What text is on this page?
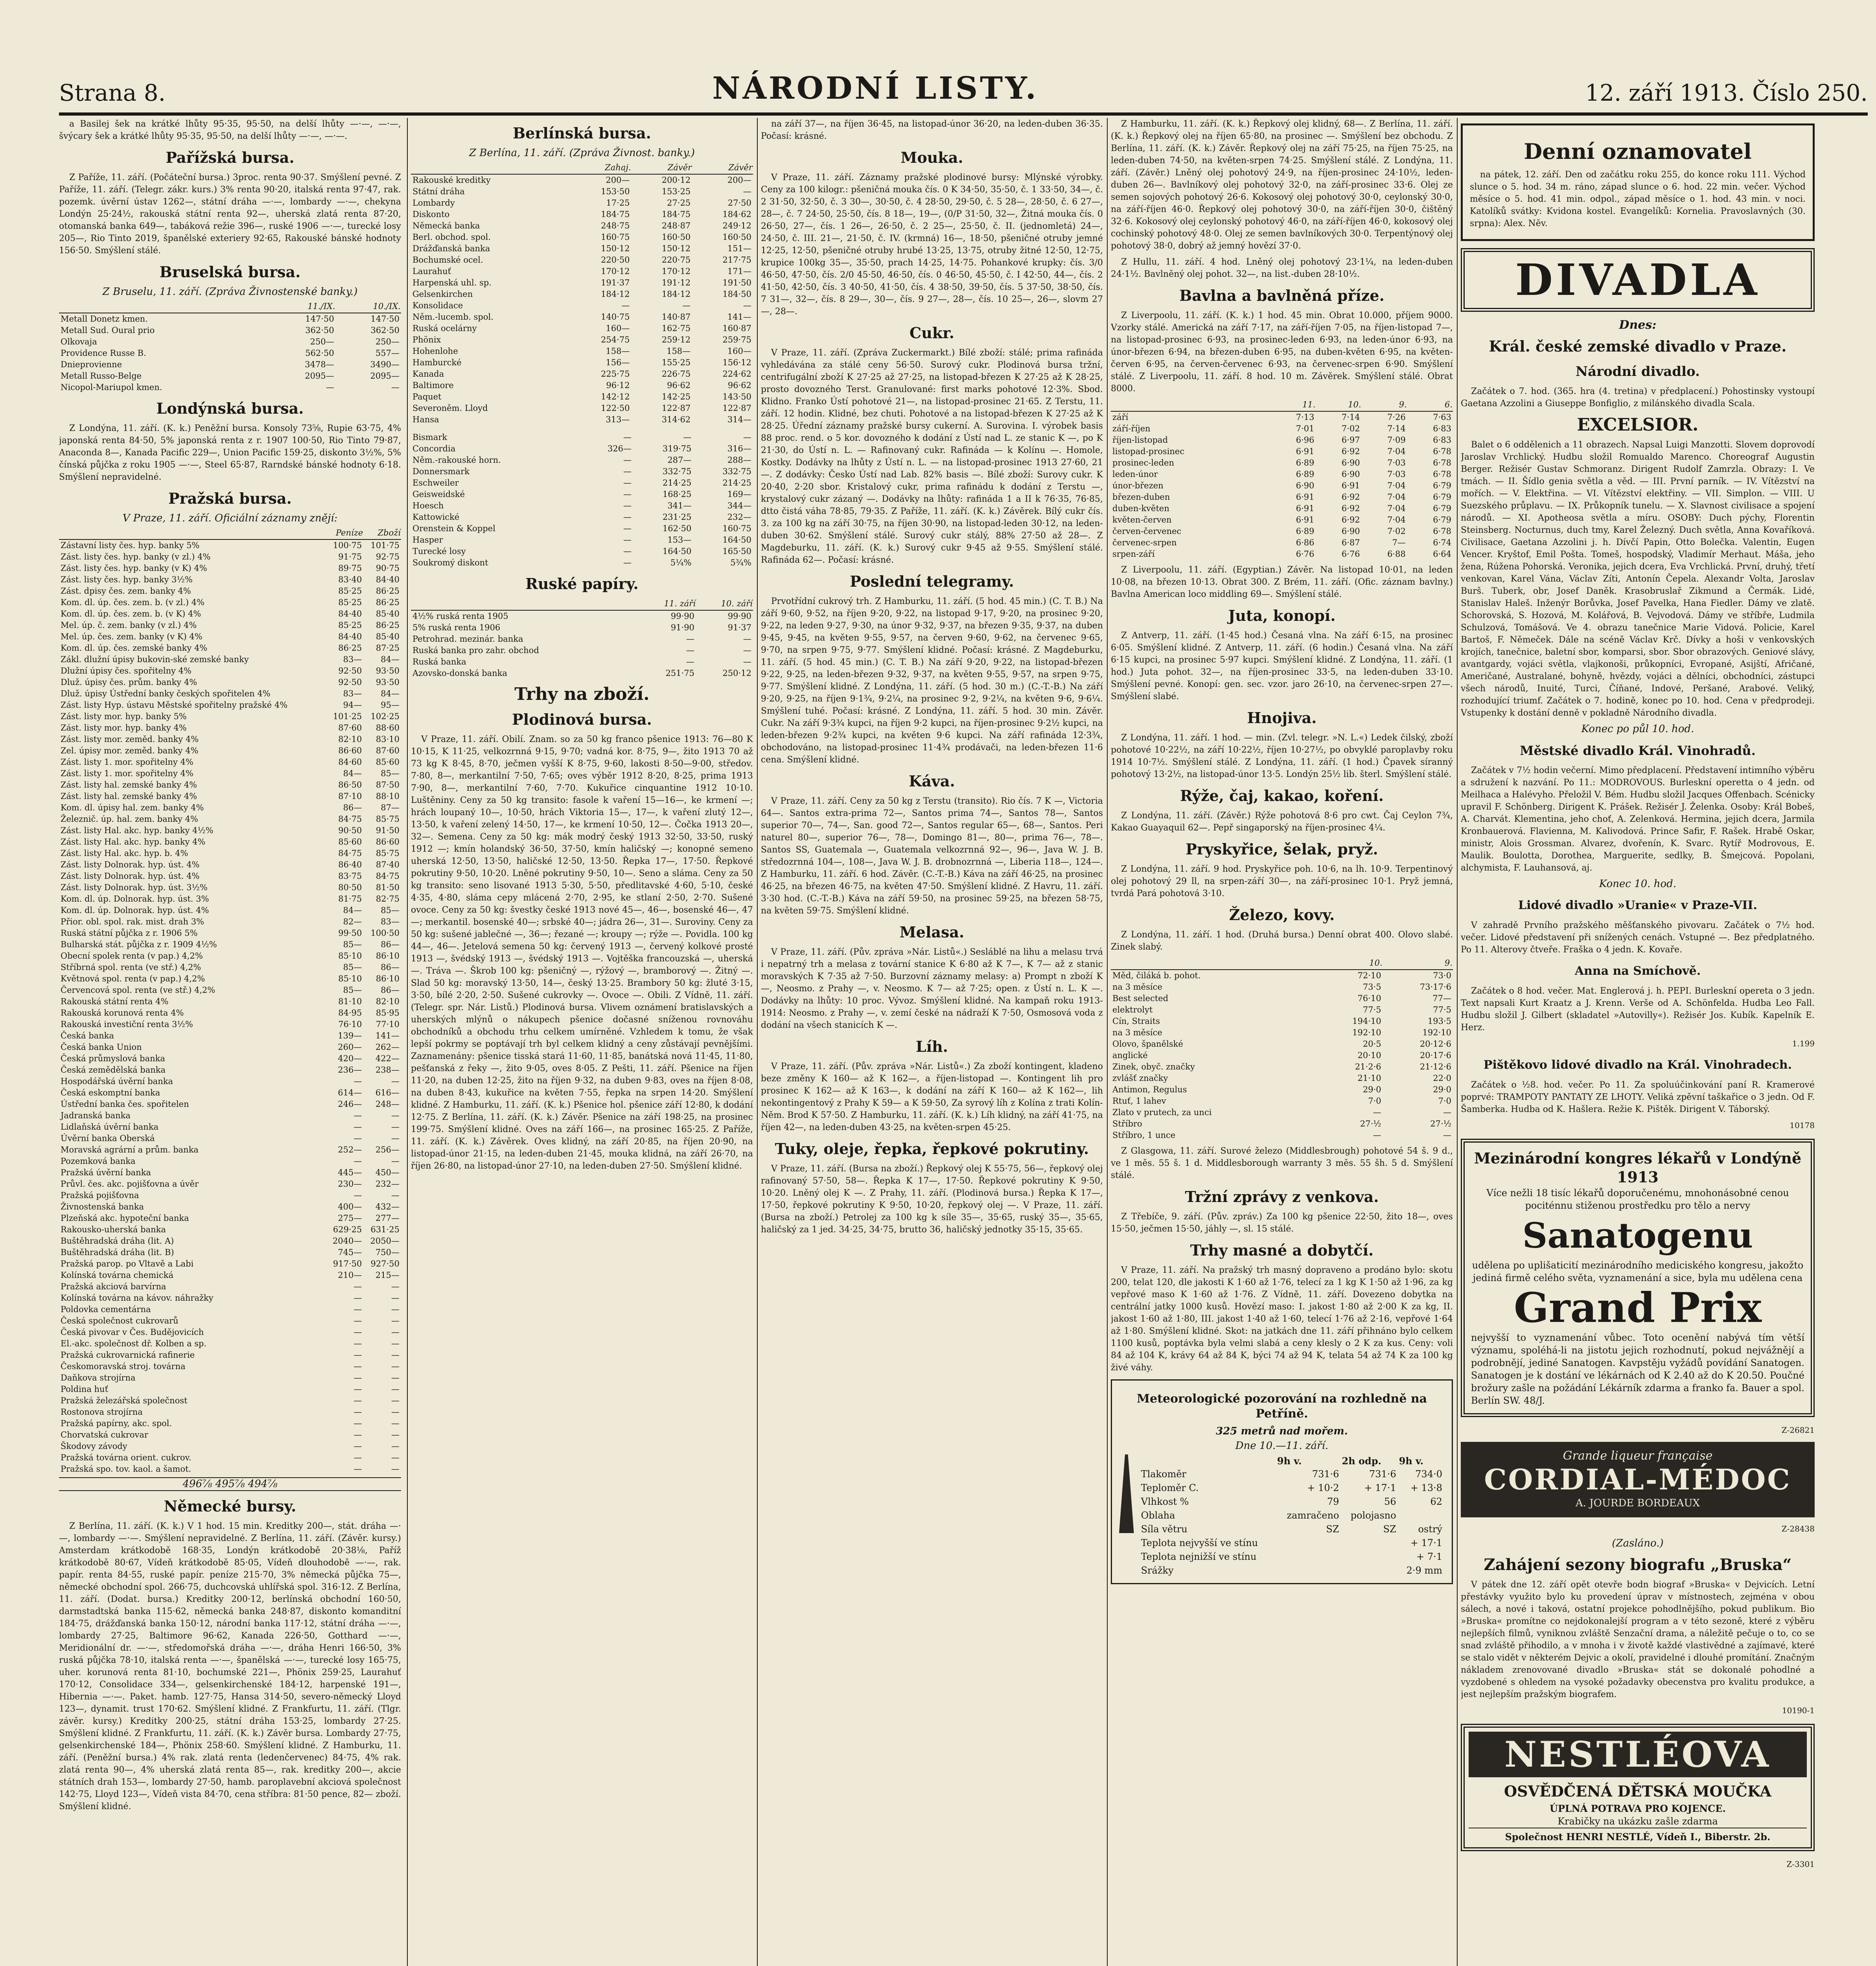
Strana 8.	NÁRODNÍ LISTY.	12. září 1913. Číslo 250.

a Basilej šek na krátké lhůty 95·35, 95·50, na delší lhůty —·—, —·—, švýcary šek a krátké lhůty 95·35, 95·50, na delší lhůty —·—, —·—.

Pařížská bursa.

Z Paříže, 11. září. (Počáteční bursa.) 3proc. renta 90·37. Smýšlení pevné. Z Paříže, 11. září. (Telegr. zákr. kurs.) 3% renta 90·20, italská renta 97·47, rak. pozemk. úvěrní ústav 1262—, státní dráha —·—, lombardy —·—, chekyna Londýn 25·24½, rakouská státní renta 92—, uherská zlatá renta 87·20, otomanská banka 649—, tabáková režie 396—, ruské 1906 —·—, turecké losy 205—, Rio Tinto 2019, španělské exteriery 92·65, Rakouské bánské hodnoty 156·50. Smýšlení stálé.

Bruselská bursa.
Z Bruselu, 11. září. (Zpráva Živnostenské banky.)
	11./IX.	10./IX.
Metall Donetz kmen.	147·50	147·50
Metall Sud. Oural prio	362·50	362·50
Olkovaja	250—	250—
Providence Russe B.	562·50	557—
Dnieprovienne	3478—	3490—
Metall Russo-Belge	2095—	2095—
Nicopol-Mariupol kmen.	—	—
Londýnská bursa.

Z Londýna, 11. září. (K. k.) Peněžní bursa. Konsoly 73⅝, Rupie 63·75, 4% japonská renta 84·50, 5% japonská renta z r. 1907 100·50, Rio Tinto 79·87, Anaconda 8—, Kanada Pacific 229—, Union Pacific 159·25, diskonto 3½%, 5% čínská půjčka z roku 1905 —·—, Steel 65·87, Rarndské bánské hodnoty 6·18. Smýšlení nepravidelné.

Pražská bursa.
V Praze, 11. září. Oficiální záznamy znějí:
	Peníze	Zboží
Zástavní listy čes. hyp. banky 5%	100·75	101·75
Zást. listy čes. hyp. banky (v zl.) 4%	91·75	92·75
Zást. listy čes. hyp. banky (v K) 4%	89·75	90·75
Zást. listy čes. hyp. banky 3½%	83·40	84·40
Zást. dpisy čes. zem. banky 4%	85·25	86·25
Kom. dl. úp. čes. zem. b. (v zl.) 4%	85·25	86·25
Kom. dl. úp. čes. zem. b. (v K) 4%	84·40	85·40
Mel. úp. č. zem. banky (v zl.) 4%	85·25	86·25
Mel. úp. čes. zem. banky (v K) 4%	84·40	85·40
Kom. dl. úp. čes. zemské banky 4%	86·25	87·25
Zákl. dlužní úpisy bukovin-ské zemské banky	83—	84—
Dlužní úpisy čes. spořitelny 4%	92·50	93·50
Dluž. úpisy čes. prům. banky 4%	92·50	93·50
Dluž. úpisy Ústřední banky českých spořitelen 4%	83—	84—
Zást. listy Hyp. ústavu Městské spořitelny pražské 4%	94—	95—
Zást. listy mor. hyp. banky 5%	101·25	102·25
Zást. listy mor. hyp. banky 4%	87·60	88·60
Zást. listy mor. zeměd. banky 4%	82·10	83·10
Zel. úpisy mor. zeměd. banky 4%	86·60	87·60
Zást. listy 1. mor. spořitelny 4%	84·60	85·60
Zást. listy 1. mor. spořitelny 4%	84—	85—
Zást. listy hal. zemské banky 4%	86·50	87·50
Zást. listy hal. zemské banky 4%	87·10	88·10
Kom. dl. úpisy hal. zem. banky 4%	86—	87—
Železnič. úp. hal. zem. banky 4%	84·75	85·75
Zást. listy Hal. akc. hyp. banky 4½%	90·50	91·50
Zást. listy Hal. akc. hyp. banky 4%	85·60	86·60
Zást. listy Hal. akc. hyp. b. 4%	84·75	85·75
Zást. listy Dolnorak. hyp. úst. 4%	86·40	87·40
Zást. listy Dolnorak. hyp. úst. 4%	83·75	84·75
Zást. listy Dolnorak. hyp. úst. 3½%	80·50	81·50
Kom. dl. úp. Dolnorak. hyp. úst. 3%	81·75	82·75
Kom. dl. úp. Dolnorak. hyp. úst. 4%	84—	85—
Přior. obl. spol. rak. mist. drah 3%	82—	83—
Ruská státní půjčka z r. 1906 5%	99·50	100·50
Bulharská stát. půjčka z r. 1909 4½%	85—	86—
Obecní spolek renta (v pap.) 4,2%	85·10	86·10
Stříbrná spol. renta (ve stř.) 4,2%	85—	86—
Květnová spol. renta (v pap.) 4,2%	85·10	86·10
Červencová spol. renta (ve stř.) 4,2%	85—	86—
Rakouská státní renta 4%	81·10	82·10
Rakouská korunová renta 4%	84·95	85·95
Rakouská investiční renta 3½%	76·10	77·10
Česká banka	139—	141—
Česká banka Union	260—	262—
Česká průmyslová banka	420—	422—
Česká zemědělská banka	236—	238—
Hospodářská úvěrní banka	—	—
Česká eskomptní banka	614—	616—
Ústřední banka čes. spořitelen	246—	248—
Jadranská banka	—	—
Lidlaňská úvěrní banka	—	—
Úvěrní banka Oberská	—	—
Moravská agrární a prům. banka	252—	256—
Pozemková banka	—	—
Pražská úvěrní banka	445—	450—
Průvl. čes. akc. pojišťovna a úvěr	230—	232—
Pražská pojišťovna	—	—
Živnostenská banka	400—	432—
Plzeňská akc. hypoteční banka	275—	277—
Rakousko-uherská banka	629·25	631·25
Buštěhradská dráha (lit. A)	2040—	2050—
Buštěhradská dráha (lit. B)	745—	750—
Pražská parop. po Vltavě a Labi	917·50	927·50
Kolínská továrna chemická	210—	215—
Pražská akciová barvírna	—	—
Kolínská továrna na kávov. náhražky	—	—
Poldovka cementárna	—	—
Česká společnost cukrovarů	—	—
Česká pivovar v Čes. Budějovicích	—	—
El.-akc. společnost dř. Kolben a sp.	—	—
Pražská cukrovarnická rafinerie	—	—
Českomoravská stroj. továrna	—	—
Daňkova strojírna	—	—
Poldina huť	—	—
Pražská železářská společnost	—	—
Rostonova strojírna	—	—
Pražská papírny, akc. spol.	—	—
Chorvatská cukrovar	—	—
Škodovy závody	—	—
Pražská továrna orient. cukrov.	—	—
Pražská spo. tov. kaol. a šamot.	—	—
496⅞ 495⅞ 494⅞
Německé bursy.

Z Berlína, 11. září. (K. k.) V 1 hod. 15 min. Kreditky 200—, stát. dráha —·—, lombardy —·—. Smýšlení nepravidelné. Z Berlína, 11. září. (Závěr. kursy.) Amsterdam krátkodobě 168·35, Londýn krátkodobě 20·38⅛, Paříž krátkodobě 80·67, Vídeň krátkodobě 85·05, Vídeň dlouhodobě —·—, rak. papír. renta 84·55, ruské papír. peníze 215·70, 3% německá půjčka 75—, německé obchodní spol. 266·75, duchcovská uhlířská spol. 316·12. Z Berlína, 11. září. (Dodat. bursa.) Kreditky 200·12, berlínská obchodní 160·50, darmstadtská banka 115·62, německá banka 248·87, diskonto komanditní 184·75, drážďanská banka 150·12, národní banka 117·12, státní dráha —·—, lombardy 27·25, Baltimore 96·62, Kanada 226·50, Gotthard —·—, Meridionální dr. —·—, středomořská dráha —·—, dráha Henri 166·50, 3% ruská půjčka 78·10, italská renta —·—, španělská —·—, turecké losy 165·75, uher. korunová renta 81·10, bochumské 221—, Phönix 259·25, Laurahuť 170·12, Consolidace 334—, gelsenkirchenské 184·12, harpenské 191—, Hibernia —·—. Paket. hamb. 127·75, Hansa 314·50, severo-německý Lloyd 123—, dynamit. trust 170·62. Smýšlení klidné. Z Frankfurtu, 11. září. (Tlgr. závěr. kursy.) Kreditky 200·25, státní dráha 153·25, lombardy 27·25. Smýšlení klidné. Z Frankfurtu, 11. září. (K. k.) Závěr bursa. Lombardy 27·75, gelsenkirchenské 184—, Phönix 258·60. Smýšlení klidné. Z Hamburku, 11. září. (Peněžní bursa.) 4% rak. zlatá renta (ledenčervenec) 84·75, 4% rak. zlatá renta 90—, 4% uherská zlatá renta 85—, rak. kreditky 200—, akcie státních drah 153—, lombardy 27·50, hamb. paroplavební akciová společnost 142·75, Lloyd 123—, Vídeň vista 84·70, cena stříbra: 81·50 pence, 82— zboží. Smýšlení klidné.

Berlínská bursa.
Z Berlína, 11. září. (Zpráva Živnost. banky.)
	Zahaj.	Závěr	Závěr
Rakouské kreditky	200—	200·12	200—
Státní dráha	153·50	153·25	—
Lombardy	17·25	27·25	27·50
Diskonto	184·75	184·75	184·62
Německá banka	248·75	248·87	249·12
Berl. obchod. spol.	160·75	160·50	160·50
Drážďanská banka	150·12	150·12	151—
Bochumské ocel.	220·50	220·75	217·75
Laurahuť	170·12	170·12	171—
Harpenská uhl. sp.	191·37	191·12	191·50
Gelsenkirchen	184·12	184·12	184·50
Konsolidace	—	—	—
Něm.-lucemb. spol.	140·75	140·87	141—
Ruská ocelárny	160—	162·75	160·87
Phönix	254·75	259·12	259·75
Hohenlohe	158—	158—	160—
Hamburcké	156—	155·25	156·12
Kanada	225·75	226·75	224·62
Baltimore	96·12	96·62	96·62
Paquet	142·12	142·25	143·50
Severoněm. Lloyd	122·50	122·87	122·87
Hansa	313—	314·62	314—
Bismark	—	—	—
Concordia	326—	319·75	316—
Něm.-rakouské horn.	—	287—	288—
Donnersmark	—	332·75	332·75
Eschweiler	—	214·25	214·25
Geisweidské	—	168·25	169—
Hoesch	—	341—	344—
Kattowické	—	231·25	232—
Orenstein & Koppel	—	162·50	160·75
Hasper	—	153—	164·50
Turecké losy	—	164·50	165·50
Soukromý diskont	—	5¼%	5¾%
Ruské papíry.
	11. září	10. září
4½% ruská renta 1905	99·90	99·90
5% ruská renta 1906	91·90	91·37
Petrohrad. mezinár. banka	—	—
Ruská banka pro zahr. obchod	—	—
Ruská banka	—	—
Azovsko-donská banka	251·75	250·12
Trhy na zboží.
Plodinová bursa.

V Praze, 11. září. Obilí. Znam. so za 50 kg franco pšenice 1913: 76—80 K 10·15, K 11·25, velkozrnná 9·15, 9·70; vadná kor. 8·75, 9—, žito 1913 70 až 73 kg K 8·45, 8·70, ječmen vyšší K 8·75, 9·60, lakosti 8·50—9·00, středov. 7·80, 8—, merkantilní 7·50, 7·65; oves výběr 1912 8·20, 8·25, prima 1913 7·90, 8—, merkantilní 7·60, 7·70. Kukuřice cinquantine 1912 10·10. Luštěniny. Ceny za 50 kg transito: fasole k vaření 15—16—, ke krmení —; hrách loupaný 10—, 10·50, hrách Viktoria 15—, 17—, k vaření zlutý 12—, 13·50, k vaření zelený 14·50, 17—, ke krmení 10·50, 12—. Čočka 1913 20—, 32—. Semena. Ceny za 50 kg: mák modrý český 1913 32·50, 33·50, ruský 1912 —; kmín holandský 36·50, 37·50, kmín haličský —; konopné semeno uherská 12·50, 13·50, haličské 12·50, 13·50. Řepka 17—, 17·50. Řepkové pokrutiny 9·50, 10·20. Lněné pokrutiny 9·50, 10—. Seno a sláma. Ceny za 50 kg transito: seno lisované 1913 5·30, 5·50, předlitavské 4·60, 5·10, české 4·35, 4·80, sláma cepy mlácená 2·70, 2·95, ke stlaní 2·50, 2·70. Sušené ovoce. Ceny za 50 kg: švestky české 1913 nové 45—, 46—, bosenské 46—, 47—; merkantil. bosenské 40—; srbské 40—; jádra 26—, 31—. Suroviny. Ceny za 50 kg: sušené jablečné —, 36—; řezané —; kroupy —; rýže —. Povidla. 100 kg 44—, 46—. Jetelová semena 50 kg: červený 1913 —, červený kolkové prosté 1913 —, švédský 1913 —, švédský 1913 —. Vojtěška francouzská —, uherská —. Tráva —. Škrob 100 kg: pšeničný —, rýžový —, bramborový —. Žitný —. Slad 50 kg: moravský 13·50, 14—, český 13·25. Brambory 50 kg: žluté 3·15, 3·50, bílé 2·20, 2·50. Sušené cukrovky —. Ovoce —. Obili. Z Vídně, 11. září. (Telegr. spr. Nár. Listů.) Plodinová bursa. Vlivem oznámení bratislavských a uherských mlýnů o nákupech pšenice dočasné sníženou rovnováhu obchodníků a obchodu trhu celkem umírněné. Vzhledem k tomu, že však lepší pokrmy se poptávají trh byl celkem klidný a ceny zůstávají pevnějšími. Zaznamenány: pšenice tisská stará 11·60, 11·85, banátská nová 11·45, 11·80, pešťanská z řeky —, žito 9·05, oves 8·05. Z Pešti, 11. září. Pšenice na říjen 11·20, na duben 12·25, žito na říjen 9·32, na duben 9·83, oves na říjen 8·08, na duben 8·43, kukuřice na květen 7·55, řepka na srpen 14·20. Smýšlení klidné. Z Hamburku, 11. září. (K. k.) Pšenice hol. pšenice září 12·80, k dodání 12·75. Z Berlína, 11. září. (K. k.) Závěr. Pšenice na září 198·25, na prosinec 199·75. Smýšlení klidné. Oves na září 166—, na prosinec 165·25. Z Paříže, 11. září. (K. k.) Závěrek. Oves klidný, na září 20·85, na říjen 20·90, na listopad-únor 21·15, na leden-duben 21·45, mouka klidná, na září 26·70, na říjen 26·80, na listopad-únor 27·10, na leden-duben 27·50. Smýšlení klidné.

na září 37—, na říjen 36·45, na listopad-únor 36·20, na leden-duben 36·35. Počasí: krásné.

Mouka.

V Praze, 11. září. Záznamy pražské plodinové bursy: Mlýnské výrobky. Ceny za 100 kilogr.: pšeničná mouka čís. 0 K 34·50, 35·50, č. 1 33·50, 34—, č. 2 31·50, 32·50, č. 3 30—, 30·50, č. 4 28·50, 29·50, č. 5 28—, 28·50, č. 6 27—, 28—, č. 7 24·50, 25·50, čís. 8 18—, 19—, (0/P 31·50, 32—, Žitná mouka čís. 0 26·50, 27—, čís. 1 26—, 26·50, č. 2 25—, 25·50, č. II. (jednomletá) 24—, 24·50, č. III. 21—, 21·50, č. IV. (krmná) 16—, 18·50, pšeničné otruby jemné 12·25, 12·50, pšeničné otruby hrubé 13·25, 13·75, otruby žitné 12·50, 12·75, krupice 100kg 35—, 35·50, prach 14·25, 14·75. Pohankové krupky: čís. 3/0 46·50, 47·50, čís. 2/0 45·50, 46·50, čís. 0 46·50, 45·50, č. I 42·50, 44—, čís. 2 41·50, 42·50, čís. 3 40·50, 41·50, čís. 4 38·50, 39·50, čís. 5 37·50, 38·50, čís. 7 31—, 32—, čís. 8 29—, 30—, čís. 9 27—, 28—, čís. 10 25—, 26—, slovm 27—, 28—.

Cukr.

V Praze, 11. září. (Zpráva Zuckermarkt.) Bílé zboží: stálé; prima rafináda vyhledávána za stálé ceny 56·50. Surový cukr. Plodinová bursa tržní, centrifugální zboží K 27·25 až 27·25, na listopad-březen K 27·25 až K 28·25, prosto dovozného Terst. Granulované: first marks pohotové 12·3%. Sbod. Klidno. Franko Ústí pohotové 21—, na listopad-prosinec 21·65. Z Terstu, 11. září. 12 hodin. Klidné, bez chuti. Pohotové a na listopad-březen K 27·25 až K 28·25. Úřední záznamy pražské bursy cukerní. A. Surovina. I. výrobek basis 88 proc. rend. o 5 kor. dovozného k dodání z Ústí nad L. ze stanic K —, po K 21·30, do Ústí n. L. — Rafinovaný cukr. Rafináda — k Kolínu —. Homole, Kostky. Dodávky na lhůty z Ústí n. L. — na listopad-prosinec 1913 27·60, 21—. Z dodávky: Česko Ústí nad Lab. 82% basis —. Bílé zboží: Surovy cukr. K 20·40, 2·20 sbor. Kristalový cukr, prima rafinádu k dodání z Terstu —, krystalový cukr zázaný —. Dodávky na lhůty: rafináda 1 a II k 76·35, 76·85, dtto čistá váha 78·85, 79·35. Z Paříže, 11. září. (K. k.) Závěrek. Bílý cukr čís. 3. za 100 kg na září 30·75, na říjen 30·90, na listopad-leden 30·12, na leden-duben 30·62. Smýšlení stálé. Surový cukr stálý, 88% 27·50 až 28—. Z Magdeburku, 11. září. (K. k.) Surový cukr 9·45 až 9·55. Smýšlení stálé. Rafináda 62—. Počasí: krásné.

Poslední telegramy.

Prvotřídní cukrový trh. Z Hamburku, 11. září. (5 hod. 45 min.) (C. T. B.) Na září 9·60, 9·52, na říjen 9·20, 9·22, na listopad 9·17, 9·20, na prosinec 9·20, 9·22, na leden 9·27, 9·30, na únor 9·32, 9·37, na březen 9·35, 9·37, na duben 9·45, 9·45, na květen 9·55, 9·57, na červen 9·60, 9·62, na červenec 9·65, 9·70, na srpen 9·75, 9·77. Smýšlení klidné. Počasí: krásné. Z Magdeburku, 11. září. (5 hod. 45 min.) (C. T. B.) Na září 9·20, 9·22, na listopad-březen 9·22, 9·25, na leden-březen 9·32, 9·37, na květen 9·55, 9·57, na srpen 9·75, 9·77. Smýšlení klidné. Z Londýna, 11. září. (5 hod. 30 m.) (C.-T.-B.) Na září 9·20, 9·25, na říjen 9·1¾, 9·2¼, na prosinec 9·2, 9·2¼, na květen 9·6, 9·6¼. Smýšlení tuhé. Počasí: krásné. Z Londýna, 11. září. 5 hod. 30 min. Závěr. Cukr. Na září 9·3¾ kupci, na říjen 9·2 kupci, na říjen-prosinec 9·2½ kupci, na leden-březen 9·2¾ kupci, na květen 9·6 kupci. Na září rafináda 12·3¾, obchodováno, na listopad-prosinec 11·4¾ prodávači, na leden-březen 11·6 cena. Smýšlení klidné.

Káva.

V Praze, 11. září. Ceny za 50 kg z Terstu (transito). Rio čís. 7 K —, Victoria 64—. Santos extra-prima 72—, Santos prima 74—, Santos 78—, Santos superior 70—, 74—, San. good 72—, Santos regular 65—, 68—, Santos. Peri naturel 80—, superior 76—, 78—, Domingo 81—, 80—, prima 76—, 78—. Santos SS, Guatemala —, Guatemala velkozrnná 92—, 96—, Java W. J. B. středozrnná 104—, 108—, Java W. J. B. drobnozrnná —, Liberia 118—, 124—. Z Hamburku, 11. září. 6 hod. Závěr. (C.-T.-B.) Káva na září 46·25, na prosinec 46·25, na březen 46·75, na květen 47·50. Smýšlení klidné. Z Havru, 11. září. 3·30 hod. (C.-T.-B.) Káva na září 59·50, na prosinec 59·25, na březen 58·75, na květen 59·75. Smýšlení klidné.

Melasa.

V Praze, 11. září. (Pův. zpráva »Nár. Listů«.) Sesláblé na lihu a melasu trvá i nepatrný trh a melasa z tovární stanice K 6·80 až K 7—, K 7— až z stanic moravských K 7·35 až 7·50. Burzovní záznamy melasy: a) Prompt n zboží K —, Neosmo. z Prahy —, v. Neosmo. K 7— až 7·25; open. z Ústí n. L. K —. Dodávky na lhůty: 10 proc. Vývoz. Smýšlení klidné. Na kampaň roku 1913-1914: Neosmo. z Prahy —, v. zemí české na nádraží K 7·50, Osmosová voda z dodání na všech stanicích K —.

Líh.

V Praze, 11. září. (Pův. zpráva »Nár. Listů«.) Za zboží kontingent, kladeno beze změny K 160— až K 162—, a říjen-listopad —. Kontingent lih pro prosinec K 162— až K 163—, k dodání na září K 160— až K 162—, lih nekontingentový z Prahy K 59— a K 59·50, Za syrový líh z Kolína z trati Kolín-Něm. Brod K 57·50. Z Hamburku, 11. září. (K. k.) Líh klidný, na září 41·75, na říjen 42—, na leden-duben 43·25, na květen-srpen 45·25.

Tuky, oleje, řepka, řepkové pokrutiny.

V Praze, 11. září. (Bursa na zboží.) Řepkový olej K 55·75, 56—, řepkový olej rafinovaný 57·50, 58—. Řepka K 17—, 17·50. Řepkové pokrutiny K 9·50, 10·20. Lněný olej K —. Z Prahy, 11. září. (Plodinová bursa.) Řepka K 17—, 17·50, řepkové pokrutiny K 9·50, 10·20, řepkový olej —. V Praze, 11. září. (Bursa na zboží.) Petrolej za 100 kg k síle 35—, 35·65, ruský 35—, 35·65, haličský za 1 jed. 34·25, 34·75, brutto 36, haličský jednotky 35·15, 35·65.

Z Hamburku, 11. září. (K. k.) Řepkový olej klidný, 68—. Z Berlína, 11. září. (K. k.) Řepkový olej na říjen 65·80, na prosinec —. Smýšlení bez obchodu. Z Berlína, 11. září. (K. k.) Závěr. Řepkový olej na září 75·25, na říjen 75·25, na leden-duben 74·50, na květen-srpen 74·25. Smýšlení stálé. Z Londýna, 11. září. (Závěr.) Lněný olej pohotový 24·9, na říjen-prosinec 24·10½, leden-duben 26—. Bavlníkový olej pohotový 32·0, na září-prosinec 33·6. Olej ze semen sojových pohotový 26·6. Kokosový olej pohotový 30·0, ceylonský 30·0, na září-říjen 46·0. Řepkový olej pohotový 30·0, na září-říjen 30·0, čištěný 32·6. Kokosový olej ceylonský pohotový 46·0, na září-říjen 46·0, kokosový olej cochinský pohotový 48·0. Olej ze semen bavlníkových 30·0. Terpentýnový olej pohotový 38·0, dobrý až jemný hovězí 37·0.

Z Hullu, 11. září. 4 hod. Lněný olej pohotový 23·1¼, na leden-duben 24·1½. Bavlněný olej pohot. 32—, na list.-duben 28·10½.

Bavlna a bavlněná příze.

Z Liverpoolu, 11. září. (K. k.) 1 hod. 45 min. Obrat 10.000, příjem 9000. Vzorky stálé. Americká na září 7·17, na září-říjen 7·05, na říjen-listopad 7—, na listopad-prosinec 6·93, na prosinec-leden 6·93, na leden-únor 6·93, na únor-březen 6·94, na březen-duben 6·95, na duben-květen 6·95, na květen-červen 6·95, na červen-červenec 6·93, na červenec-srpen 6·90. Smýšlení stálé. Z Liverpoolu, 11. září. 8 hod. 10 m. Závěrek. Smýšlení stálé. Obrat 8000.

	11.	10.	9.	6.
září	7·13	7·14	7·26	7·63
září-říjen	7·01	7·02	7·14	6·83
říjen-listopad	6·96	6·97	7·09	6·83
listopad-prosinec	6·91	6·92	7·04	6·78
prosinec-leden	6·89	6·90	7·03	6·78
leden-únor	6·89	6·90	7·03	6·78
únor-březen	6·90	6·91	7·04	6·79
březen-duben	6·91	6·92	7·04	6·79
duben-květen	6·91	6·92	7·04	6·79
květen-červen	6·91	6·92	7·04	6·79
červen-červenec	6·89	6·90	7·02	6·78
červenec-srpen	6·86	6·87	7—	6·74
srpen-září	6·76	6·76	6·88	6·64

Z Liverpoolu, 11. září. (Egyptian.) Závěr. Na listopad 10·01, na leden 10·08, na březen 10·13. Obrat 300. Z Brém, 11. září. (Ofic. záznam bavlny.) Bavlna American loco middling 69—. Smýšlení stálé.

Juta, konopí.

Z Antverp, 11. září. (1·45 hod.) Česaná vlna. Na září 6·15, na prosinec 6·05. Smýšlení klidné. Z Antverp, 11. září. (6 hodin.) Česaná vlna. Na září 6·15 kupci, na prosinec 5·97 kupci. Smýšlení klidné. Z Londýna, 11. září. (1 hod.) Juta pohot. 32—, na říjen-prosinec 33·5, na leden-duben 33·10. Smýšlení pevné. Konopí: gen. sec. vzor. jaro 26·10, na červenec-srpen 27—. Smýšlení slabé.

Hnojiva.

Z Londýna, 11. září. 1 hod. — min. (Zvl. telegr. »N. L.«) Ledek čilský, zboží pohotové 10·22½, na září 10·22½, říjen 10·27½, po obvyklé paroplavby roku 1914 10·7½. Smýšlení stálé. Z Londýna, 11. září. (1 hod.) Čpavek síranný pohotový 13·2½, na listopad-únor 13·5. Londýn 25½ lib. šterl. Smýšlení stálé.

Rýže, čaj, kakao, koření.

Z Londýna, 11. září. (Závěr.) Rýže pohotová 8·6 pro cwt. Čaj Ceylon 7¾, Kakao Guayaquil 62—. Pepř singaporský na říjen-prosinec 4¼.

Pryskyřice, šelak, pryž.

Z Londýna, 11. září. 9 hod. Pryskyřice poh. 10·6, na lh. 10·9. Terpentinový olej pohotový 29 ll, na srpen-září 30—, na září-prosinec 10·1. Pryž jemná, tvrdá Pará pohotová 3·10.

Železo, kovy.

Z Londýna, 11. září. 1 hod. (Druhá bursa.) Denní obrat 400. Olovo slabé. Zinek slabý.

	10.	9.
Měd, čiláká b. pohot.	72·10	73·0
na 3 měsíce	73·5	73·17·6
Best selected	76·10	77—
elektrolyt	77·5	77·5
Cín, Straits	194·10	193·5
na 3 měsíce	192·10	192·10
Olovo, španělské	20·5	20·12·6
anglické	20·10	20·17·6
Zinek, obyč. značky	21·2·6	21·12·6
zvlášť značky	21·10	22·0
Antimon, Regulus	29·0	29·0
Rtuť, 1 lahev	7·0	7·0
Zlato v prutech, za unci	—	—
Stříbro	27·½	27·½
Stříbro, 1 unce	—	—

Z Glasgowa, 11. září. Surové železo (Middlesbrough) pohotové 54 š. 9 d., ve 1 měs. 55 š. 1 d. Middlesborough warranty 3 měs. 55 šh. 5 d. Smýšlení stálé.

Tržní zprávy z venkova.

Z Třebíče, 9. září. (Pův. zpráv.) Za 100 kg pšenice 22·50, žito 18—, oves 15·50, ječmen 15·50, jáhly —, sl. 15 stálé.

Trhy masné a dobytčí.

V Praze, 11. září. Na pražský trh masný dopraveno a prodáno bylo: skotu 200, telat 120, dle jakosti K 1·60 až 1·76, telecí za 1 kg K 1·50 až 1·96, za kg vepřové maso K 1·60 až 1·76. Z Vídně, 11. září. Dovezeno dobytka na centrální jatky 1000 kusů. Hovězí maso: I. jakost 1·80 až 2·00 K za kg, II. jakost 1·60 až 1·80, III. jakost 1·40 až 1·60, telecí 1·76 až 2·16, vepřové 1·64 až 1·80. Smýšlení klidné. Skot: na jatkách dne 11. září přihnáno bylo celkem 1100 kusů, poptávka byla velmi slabá a ceny klesly o 2 K za kus. Ceny: voli 84 až 104 K, krávy 64 až 84 K, býci 74 až 94 K, telata 54 až 74 K za 100 kg živé váhy.

Meteorologické pozorování na rozhledně na Petříně.
325 metrů nad mořem.
Dne 10.—11. září.
	9h v.	2h odp.	9h v.
Tlakoměr	731·6	731·6	734·0
Teploměr C.	+ 10·2	+ 17·1	+ 13·8
Vlhkost %	79	56	62
Oblaha	zamračeno	polojasno	
Síla větru	SZ	SZ	ostrý
Teplota nejvyšší ve stínu			+ 17·1
Teplota nejnižší ve stínu			+ 7·1
Srážky			2·9 mm
Denní oznamovatel

na pátek, 12. září. Den od začátku roku 255, do konce roku 111. Východ slunce o 5. hod. 34 m. ráno, západ slunce o 6. hod. 22 min. večer. Východ měsíce o 5. hod. 41 min. odpol., západ měsíce o 1. hod. 43 min. v noci. Katolíků svátky: Kvidona kostel. Evangelíků: Kornelia. Pravoslavných (30. srpna): Alex. Něv.

DIVADLA
Dnes:
Král. české zemské divadlo v Praze.
Národní divadlo.

Začátek o 7. hod. (365. hra (4. tretina) v předplacení.) Pohostinsky vystoupí Gaetana Azzolini a Giuseppe Bonfiglio, z milánského divadla Scala.

EXCELSIOR.

Balet o 6 oddělenich a 11 obrazech. Napsal Luigi Manzotti. Slovem doprovodí Jaroslav Vrchlický. Hudbu složil Romualdo Marenco. Choreograf Augustin Berger. Režisér Gustav Schmoranz. Dirigent Rudolf Zamrzla. Obrazy: I. Ve tmách. — II. Šídlo genia světla a věd. — III. První parník. — IV. Vítězství na mořích. — V. Elektřina. — VI. Vítězství elektřiny. — VII. Simplon. — VIII. U Suezského průplavu. — IX. Průkopník tunelu. — X. Slavnost civilisace a spojení národů. — XI. Apotheosa světla a míru. OSOBY: Duch pýchy, Florentin Steinsberg. Nocturnus, duch tmy, Karel Železný. Duch světla, Anna Kovaříková. Civilisace, Gaetana Azzolini j. h. Dívčí Papin, Otto Bolečka. Valentin, Eugen Vencer. Kryštof, Emil Pošta. Tomeš, hospodský, Vladimír Merhaut. Máša, jeho žena, Rúžena Pohorská. Veronika, jejich dcera, Eva Vrchlická. První, druhý, třetí venkovan, Karel Vána, Václav Zíti, Antonín Čepela. Alexandr Volta, Jaroslav Burš. Tuberk, obr, Josef Daněk. Krasobruslař Zikmund a Čermák. Lidé, Stanislav Haleš. Inženýr Borůvka, Josef Pavelka, Hana Fiedler. Dámy ve zlatě. Schorovská, S. Hozová, M. Kolářová, B. Vejvodová. Dámy ve stříbře, Ludmila Schulzová, Tomášová. Ve 4. obrazu tanečnice Marie Vidová. Policie, Karel Bartoš, F. Němeček. Dále na scéně Václav Krč. Dívky a hoši v venkovských krojích, tanečnice, baletní sbor, komparsi, sbor. Sbor obrazových. Geniové slávy, avantgardy, vojáci světla, vlajkonoši, průkopníci, Evropané, Asijští, Afričané, Američané, Australané, bohyně, hvězdy, vojáci a dělníci, obchodníci, zástupci všech národů, Inuité, Turci, Číňané, Indové, Peršané, Arabové. Veliký, rozhodující triumf. Začátek o 7. hodině, konec po 10. hod. Cena v předprodeji. Vstupenky k dostání denně v pokladně Národního divadla.

Konec po půl 10. hod.
Městské divadlo Král. Vinohradů.

Začátek v 7½ hodin večerní. Mimo předplacení. Představení intimního výběru a sdružení k nazvání. Po 11.: MODROVOUS. Burleskní operetta o 4 jedn. od Meilhaca a Halévyho. Přeložil V. Bém. Hudbu složil Jacques Offenbach. Scénicky upravil F. Schönberg. Dirigent K. Prášek. Režisér J. Želenka. Osoby: Král Bobeš, A. Charvát. Klementina, jeho choť, A. Zelenková. Hermina, jejich dcera, Jarmila Kronbauerová. Flavienna, M. Kalivodová. Prince Safir, F. Rašek. Hrabě Oskar, ministr, Alois Grossman. Alvarez, dvořenín, K. Svarc. Rytíř Modrovous, E. Maulik. Boulotta, Dorothea, Marguerite, sedlky, B. Šmejcová. Popolani, alchymista, F. Lauhansová, aj.

Konec 10. hod.
Lidové divadlo »Uranie« v Praze-VII.

V zahradě Prvního pražského měšťanského pivovaru. Začátek o 7½ hod. večer. Lidové představení při snížených cenách. Vstupné —. Bez předplatného. Po 11. Alterovy čtveře. Fraška o 4 jedn. K. Kovaře.

Anna na Smíchově.

Začátek o 8 hod. večer. Mat. Englerová j. h. PEPI. Burleskní opereta o 3 jedn. Text napsali Kurt Kraatz a J. Krenn. Verše od A. Schönfelda. Hudba Leo Fall. Hudbu složil J. Gilbert (skladatel »Autovilly«). Režisér Jos. Kubík. Kapelník E. Herz.

1.199
Pištěkovo lidové divadlo na Král. Vinohradech.

Začátek o ½8. hod. večer. Po 11. Za spoluúčinkování paní R. Kramerové poprvé: TRAMPOTY PANTATY ZE LHOTY. Veliká zpěvní taškařice o 3 jedn. Od F. Šamberka. Hudba od K. Hašlera. Režie K. Pištěk. Dirigent V. Táborský.

10178
Mezinárodní kongres lékařů v Londýně 1913
Více nežli 18 tisíc lékařů doporučenému, mnohonásobné cenou pociténnu stiženou prostředku pro tělo a nervy
Sanatogenu
udělena po uplišaticití mezinárodního mediciského kongresu, jakožto jediná firmě celého světa, vyznamenání a sice, byla mu udělena cena
Grand Prix
nejvyšší to vyznamenání vůbec. Toto ocenění nabývá tím větší významu, spoléhá-li na jistotu jejich rozhodnutí, pokud nejvážnějí a podrobnějí, jediné Sanatogen. Kavpstěju vyžádů povídání Sanatogen. Sanatogen je k dostání ve lékárnách od K 2.40 až do K 20.50. Poučné brožury zašle na požádání Lékárník zdarma a franko fa. Bauer a spol. Berlín SW. 48/J.
Z-26821
Grande liqueur française
CORDIAL-MÉDOC
A. JOURDE BORDEAUX
Z-28438
(Zasláno.)
Zahájení sezony biografu „Bruska“

V pátek dne 12. září opět otevře bodn biograf »Bruska« v Dejvicích. Letní přestávky využito bylo ku provedení úprav v místnostech, zejména v obou sálech, a nové i taková, ostatní projekce pohodlnějšího, pokud publikum. Bio »Bruska« promítne co nejdokonalejší program a v této sezoně, které z výběru nejlepších filmů, vyniknou zvláště Senzační drama, a náležitě pečuje o to, co se snad zvláště přihodilo, a v mnoha i v životě každé vlastivědné a zajímavé, které se stalo vidět v některém Dejvic a okolí, pravidelné i dlouhé promítání. Značným nákladem zrenovované divadlo »Bruska« stát se dokonalé pohodlné a vyzdobené s ohledem na vysoké požadavky obecenstva pro kvalitu produkce, a jest nejlepším pražským biografem.

10190-1
NESTLÉOVA
OSVĚDČENÁ DĚTSKÁ MOUČKA
ÚPLNÁ POTRAVA PRO KOJENCE.
Krabičky na ukázku zašle zdarma
Společnost HENRI NESTLÉ, Vídeň I., Biberstr. 2b.
Z-3301
